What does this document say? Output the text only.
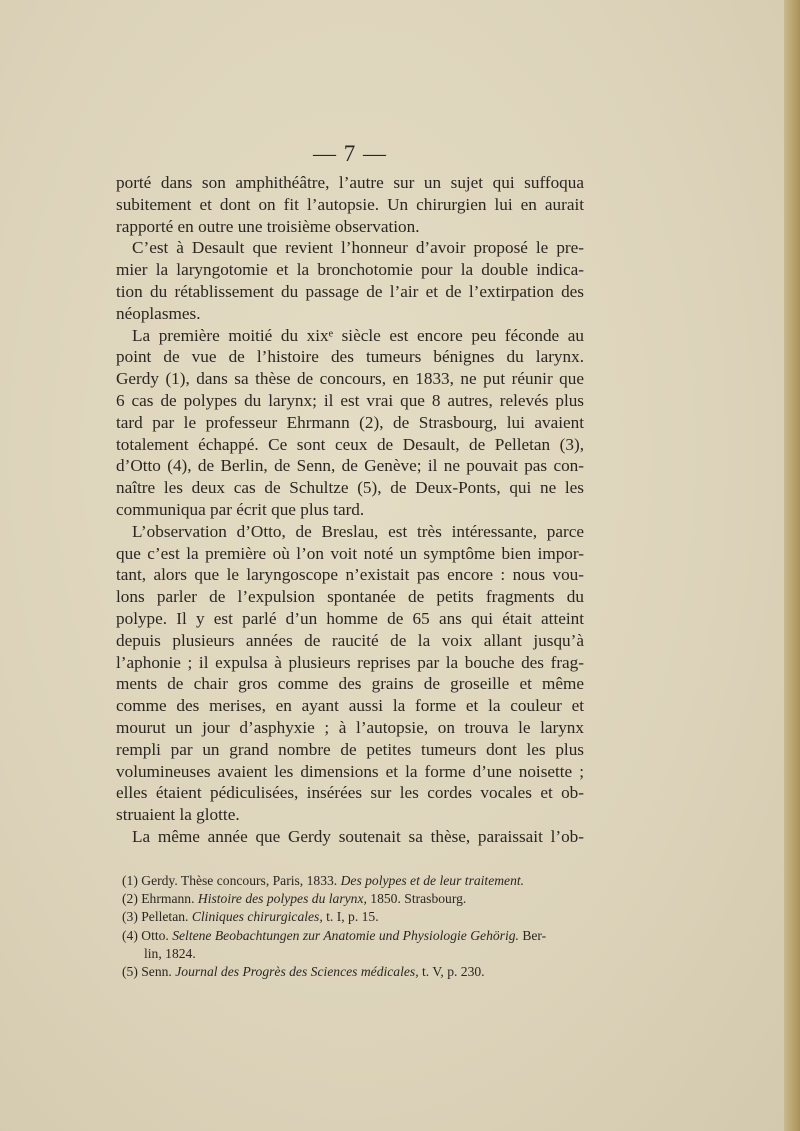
— 7 —
porté dans son amphithéâtre, l’autre sur un sujet qui suffoqua
subitement et dont on fit l’autopsie. Un chirurgien lui en aurait
rapporté en outre une troisième observation.
C’est à Desault que revient l’honneur d’avoir proposé le pre-
mier la laryngotomie et la bronchotomie pour la double indica-
tion du rétablissement du passage de l’air et de l’extirpation des
néoplasmes.
La première moitié du xixᵉ siècle est encore peu féconde au
point de vue de l’histoire des tumeurs bénignes du larynx.
Gerdy (1), dans sa thèse de concours, en 1833, ne put réunir que
6 cas de polypes du larynx; il est vrai que 8 autres, relevés plus
tard par le professeur Ehrmann (2), de Strasbourg, lui avaient
totalement échappé. Ce sont ceux de Desault, de Pelletan (3),
d’Otto (4), de Berlin, de Senn, de Genève; il ne pouvait pas con-
naître les deux cas de Schultze (5), de Deux-Ponts, qui ne les
communiqua par écrit que plus tard.
L’observation d’Otto, de Breslau, est très intéressante, parce
que c’est la première où l’on voit noté un symptôme bien impor-
tant, alors que le laryngoscope n’existait pas encore : nous vou-
lons parler de l’expulsion spontanée de petits fragments du
polype. Il y est parlé d’un homme de 65 ans qui était atteint
depuis plusieurs années de raucité de la voix allant jusqu’à
l’aphonie ; il expulsa à plusieurs reprises par la bouche des frag-
ments de chair gros comme des grains de groseille et même
comme des merises, en ayant aussi la forme et la couleur et
mourut un jour d’asphyxie ; à l’autopsie, on trouva le larynx
rempli par un grand nombre de petites tumeurs dont les plus
volumineuses avaient les dimensions et la forme d’une noisette ;
elles étaient pédiculisées, insérées sur les cordes vocales et ob-
struaient la glotte.
La même année que Gerdy soutenait sa thèse, paraissait l’ob-
(1) Gerdy. Thèse concours, Paris, 1833. Des polypes et de leur traitement.
(2) Ehrmann. Histoire des polypes du larynx, 1850. Strasbourg.
(3) Pelletan. Cliniques chirurgicales, t. I, p. 15.
(4) Otto. Seltene Beobachtungen zur Anatomie und Physiologie Gehörig. Ber-
lin, 1824.
(5) Senn. Journal des Progrès des Sciences médicales, t. V, p. 230.
